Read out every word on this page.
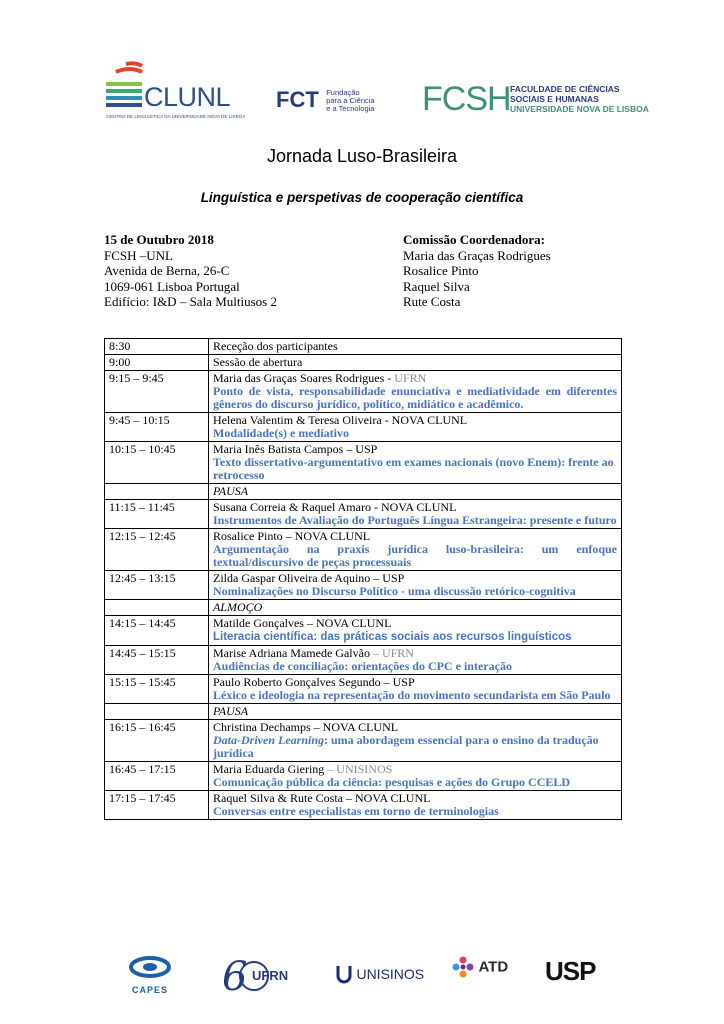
CLUNL
CENTRO DE LINGUÍSTICA DA UNIVERSIDADE NOVA DE LISBOA
FCT Fundação
para a Ciência
e a Tecnologia FCSH FACULDADE DE CIÊNCIAS
SOCIAIS E HUMANAS
UNIVERSIDADE NOVA DE LISBOA
Jornada Luso-Brasileira
Linguística e perspetivas de cooperação científica
15 de Outubro 2018
FCSH –UNL
Avenida de Berna, 26-C
1069-061 Lisboa Portugal
Edifício: I&D – Sala Multiusos 2
Comissão Coordenadora:
Maria das Graças Rodrigues
Rosalice Pinto
Raquel Silva
Rute Costa
8:30	Receção dos participantes
9:00	Sessão de abertura
9:15 – 9:45	Maria das Graças Soares Rodrigues - UFRN

Ponto de vista, responsabilidade enunciativa e mediatividade em diferentes gêneros do discurso jurídico, político, midiático e acadêmico.

9:45 – 10:15	Helena Valentim & Teresa Oliveira - NOVA CLUNL
Modalidade(s) e mediativo
10:15 – 10:45	Maria Inês Batista Campos – USP
Texto dissertativo-argumentativo em exames nacionais (novo Enem): frente ao retrocesso
	PAUSA
11:15 – 11:45	Susana Correia & Raquel Amaro - NOVA CLUNL
Instrumentos de Avaliação do Português Língua Estrangeira: presente e futuro
12:15 – 12:45	Rosalice Pinto – NOVA CLUNL

Argumentação na praxis jurídica luso-brasileira: um enfoque textual/discursivo de peças processuais

12:45 – 13:15	Zilda Gaspar Oliveira de Aquino – USP
Nominalizações no Discurso Político - uma discussão retórico-cognitiva
	ALMOÇO
14:15 – 14:45	Matilde Gonçalves – NOVA CLUNL
Literacia científica: das práticas sociais aos recursos linguísticos
14:45 – 15:15	Marise Adriana Mamede Galvão – UFRN
Audiências de conciliação: orientações do CPC e interação
15:15 – 15:45	Paulo Roberto Gonçalves Segundo – USP
Léxico e ideologia na representação do movimento secundarista em São Paulo
	PAUSA
16:15 – 16:45	Christina Dechamps – NOVA CLUNL
Data-Driven Learning: uma abordagem essencial para o ensino da tradução jurídica
16:45 – 17:15	Maria Eduarda Giering – UNISINOS
Comunicação pública da ciência: pesquisas e ações do Grupo CCELD
17:15 – 17:45	Raquel Silva & Rute Costa – NOVA CLUNL
Conversas entre especialistas em torno de terminologias
CAPES	6 UFRN	UNISINOS	ATD USP
